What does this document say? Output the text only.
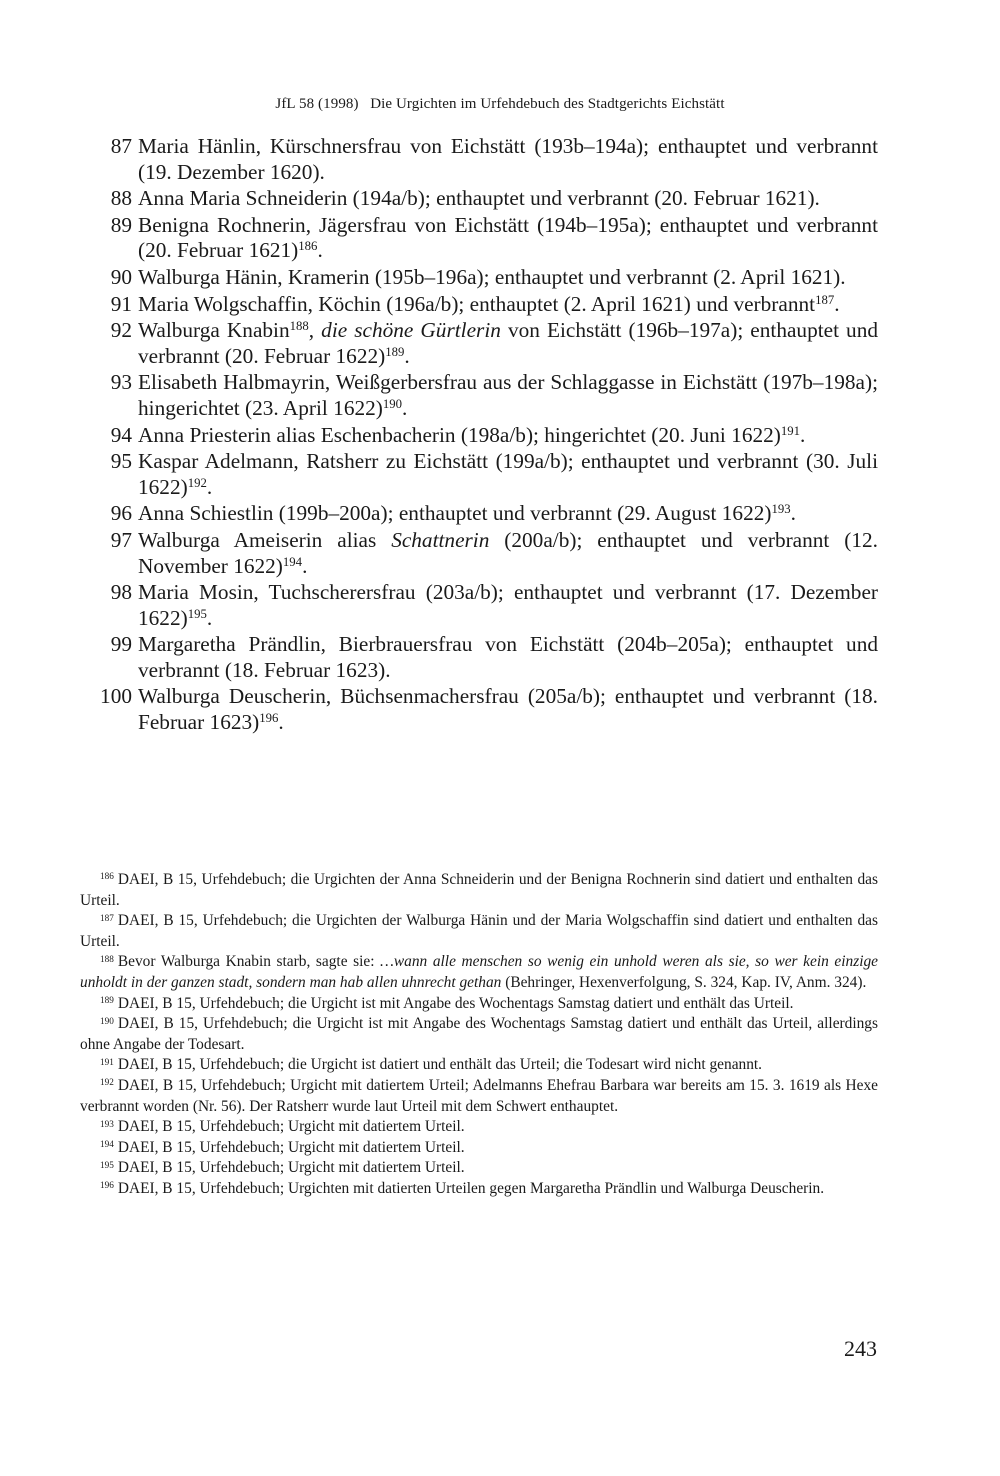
JfL 58 (1998) Die Urgichten im Urfehdebuch des Stadtgerichts Eichstätt
87 Maria Hänlin, Kürschnersfrau von Eichstätt (193b–194a); enthauptet und verbrannt (19. Dezember 1620).
88 Anna Maria Schneiderin (194a/b); enthauptet und verbrannt (20. Februar 1621).
89 Benigna Rochnerin, Jägersfrau von Eichstätt (194b–195a); enthauptet und verbrannt (20. Februar 1621)$^{186}$.
90 Walburga Hänin, Kramerin (195b–196a); enthauptet und verbrannt (2. April 1621).
91 Maria Wolgschaffin, Köchin (196a/b); enthauptet (2. April 1621) und verbrannt$^{187}$.
92 Walburga Knabin$^{188}$, die schöne Gürtlerin von Eichstätt (196b–197a); enthauptet und verbrannt (20. Februar 1622)$^{189}$.
93 Elisabeth Halbmayrin, Weißgerbersfrau aus der Schlaggasse in Eichstätt (197b–198a); hingerichtet (23. April 1622)$^{190}$.
94 Anna Priesterin alias Eschenbacherin (198a/b); hingerichtet (20. Juni 1622)$^{191}$.
95 Kaspar Adelmann, Ratsherr zu Eichstätt (199a/b); enthauptet und verbrannt (30. Juli 1622)$^{192}$.
96 Anna Schiestlin (199b–200a); enthauptet und verbrannt (29. August 1622)$^{193}$.
97 Walburga Ameiserin alias Schattnerin (200a/b); enthauptet und verbrannt (12. November 1622)$^{194}$.
98 Maria Mosin, Tuchscherersfrau (203a/b); enthauptet und verbrannt (17. Dezember 1622)$^{195}$.
99 Margaretha Prändlin, Bierbrauersfrau von Eichstätt (204b–205a); enthauptet und verbrannt (18. Februar 1623).
100 Walburga Deuscherin, Büchsenmachersfrau (205a/b); enthauptet und verbrannt (18. Februar 1623)$^{196}$.

$^{186}$ DAEI, B 15, Urfehdebuch; die Urgichten der Anna Schneiderin und der Benigna Rochnerin sind datiert und enthalten das Urteil.

$^{187}$ DAEI, B 15, Urfehdebuch; die Urgichten der Walburga Hänin und der Maria Wolgschaffin sind datiert und enthalten das Urteil.

$^{188}$ Bevor Walburga Knabin starb, sagte sie: …wann alle menschen so wenig ein unhold weren als sie, so wer kein einzige unholdt in der ganzen stadt, sondern man hab allen uhnrecht gethan (Behringer, Hexenverfolgung, S. 324, Kap. IV, Anm. 324).

$^{189}$ DAEI, B 15, Urfehdebuch; die Urgicht ist mit Angabe des Wochentags Samstag datiert und enthält das Urteil.

$^{190}$ DAEI, B 15, Urfehdebuch; die Urgicht ist mit Angabe des Wochentags Samstag datiert und enthält das Urteil, allerdings ohne Angabe der Todesart.

$^{191}$ DAEI, B 15, Urfehdebuch; die Urgicht ist datiert und enthält das Urteil; die Todesart wird nicht genannt.

$^{192}$ DAEI, B 15, Urfehdebuch; Urgicht mit datiertem Urteil; Adelmanns Ehefrau Barbara war bereits am 15. 3. 1619 als Hexe verbrannt worden (Nr. 56). Der Ratsherr wurde laut Urteil mit dem Schwert enthauptet.

$^{193}$ DAEI, B 15, Urfehdebuch; Urgicht mit datiertem Urteil.

$^{194}$ DAEI, B 15, Urfehdebuch; Urgicht mit datiertem Urteil.

$^{195}$ DAEI, B 15, Urfehdebuch; Urgicht mit datiertem Urteil.

$^{196}$ DAEI, B 15, Urfehdebuch; Urgichten mit datierten Urteilen gegen Margaretha Prändlin und Walburga Deuscherin.

243
